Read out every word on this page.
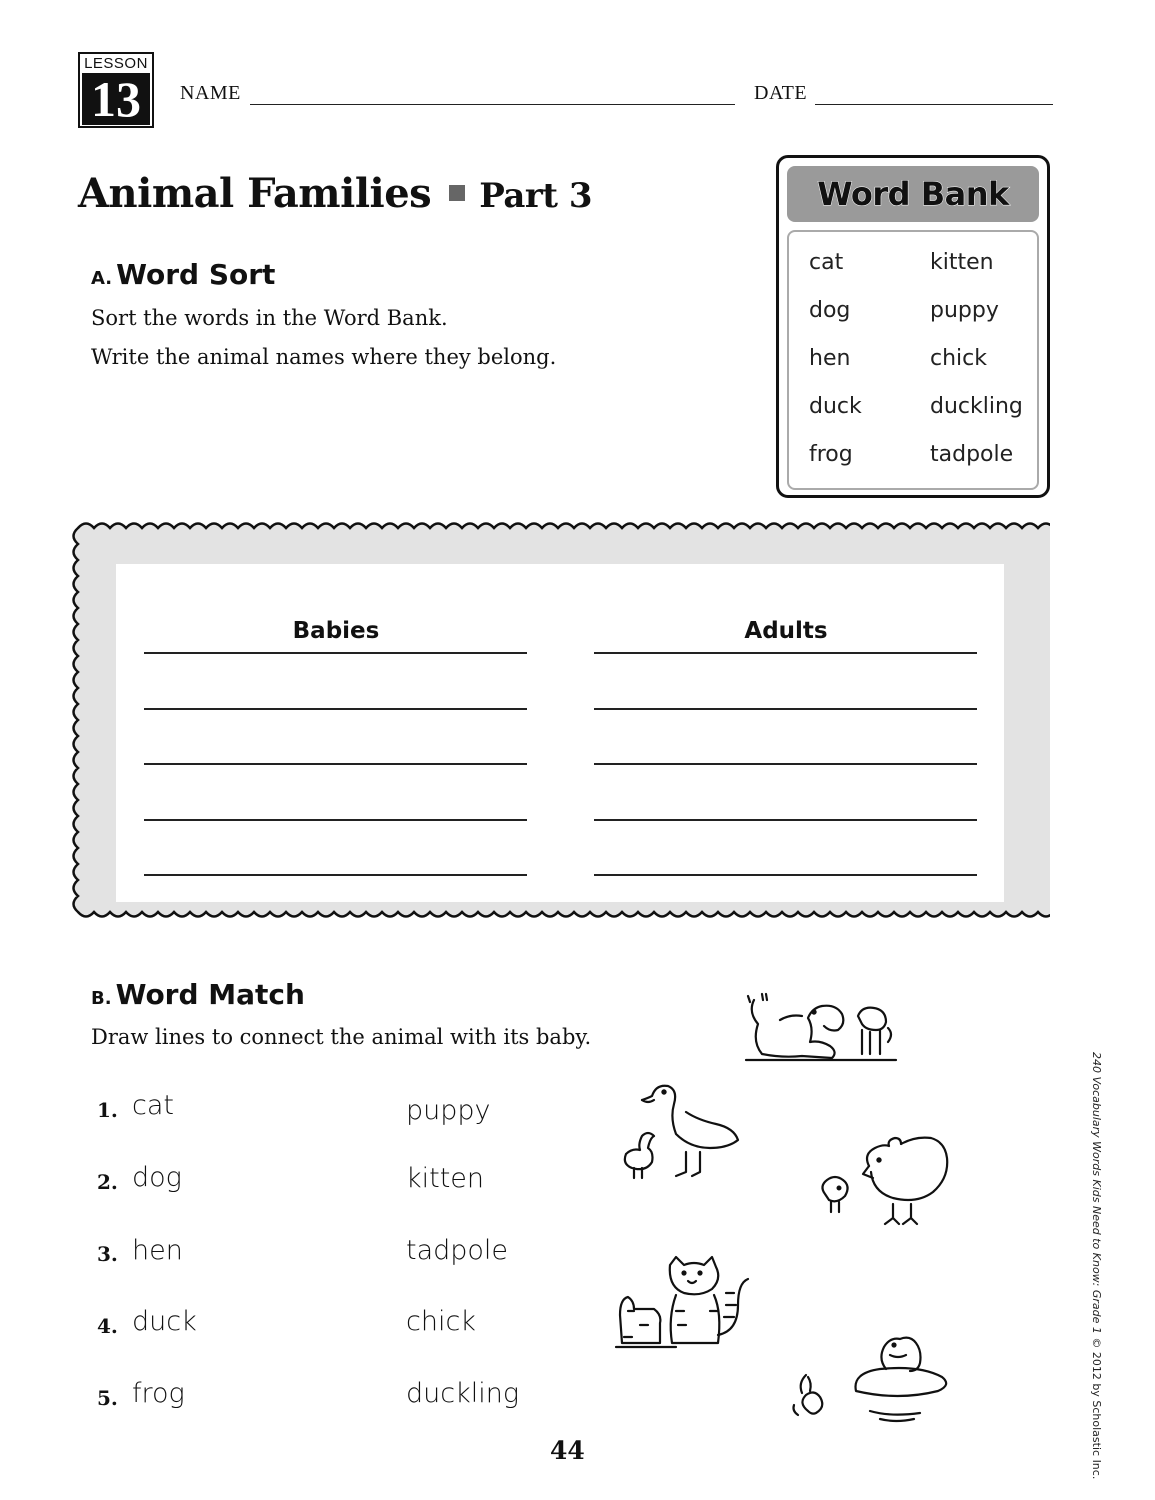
LESSON
13	NAME	DATE
Animal Families Part 3
A. Word Sort
Sort the words in the Word Bank.
Write the animal names where they belong.
Word Bank
cat	kitten
dog	puppy
hen	chick
duck	duckling
frog	tadpole
Babies	Adults
B. Word Match
Draw lines to connect the animal with its baby.
1. cat	puppy
2. dog	kitten
3. hen	tadpole
4. duck	chick
5. frog	duckling
44
240 Vocabulary Words Kids Need to Know: Grade 1 © 2012 by Scholastic Inc.
